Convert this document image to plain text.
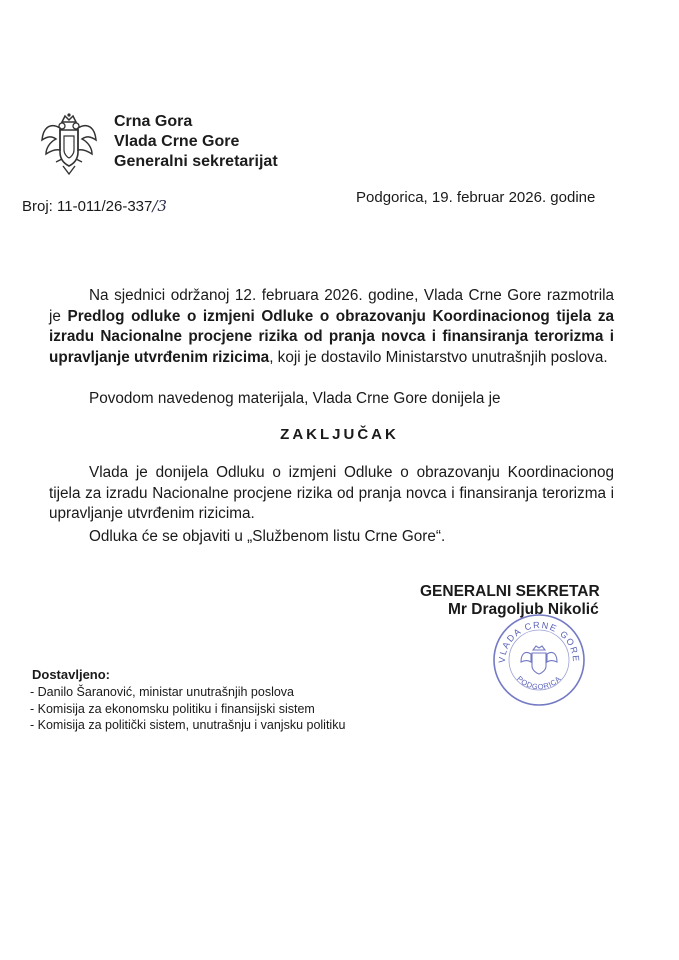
Crna Gora
Vlada Crne Gore
Generalni sekretarijat
Broj: 11-011/26-337/3	Podgorica, 19. februar 2026. godine

Na sjednici održanoj 12. februara 2026. godine, Vlada Crne Gore razmotrila je Predlog odluke o izmjeni Odluke o obrazovanju Koordinacionog tijela za izradu Nacionalne procjene rizika od pranja novca i finansiranja terorizma i upravljanje utvrđenim rizicima, koji je dostavilo Ministarstvo unutrašnjih poslova.

Povodom navedenog materijala, Vlada Crne Gore donijela je

ZAKLJUČAK

Vlada je donijela Odluku o izmjeni Odluke o obrazovanju Koordinacionog tijela za izradu Nacionalne procjene rizika od pranja novca i finansiranja terorizma i upravljanje utvrđenim rizicima.

Odluka će se objaviti u „Službenom listu Crne Gore“.

GENERALNI SEKRETAR
Mr Dragoljub Nikolić
VLADA CRNE GORE
PODGORICA
Dostavljeno:
- Danilo Šaranović, ministar unutrašnjih poslova
- Komisija za ekonomsku politiku i finansijski sistem
- Komisija za politički sistem, unutrašnju i vanjsku politiku
